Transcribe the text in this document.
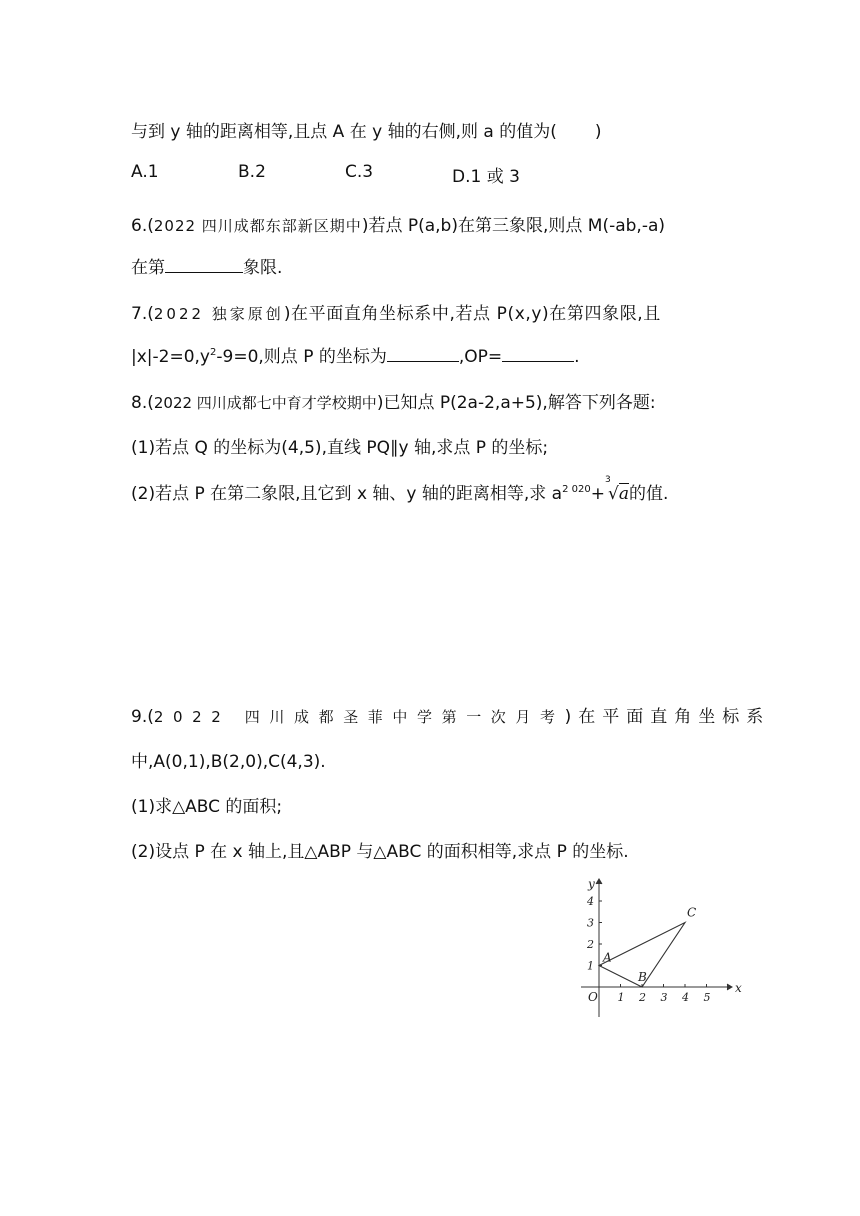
与到 y 轴的距离相等,且点 A 在 y 轴的右侧,则 a 的值为( )
A.1	B.2	C.3	D.1 或 3
6.(2022 四川成都东部新区期中)若点 P(a,b)在第三象限,则点 M(-ab,-a)
在第	象限.
7.(2022 独家原创)在平面直角坐标系中,若点 P(x,y)在第四象限,且
$|x|-2=0,y^2-9=0$,则点 P 的坐标为	,OP=	.
8.(2022 四川成都七中育才学校期中)已知点 P(2a-2,a+5),解答下列各题:
(1)若点 Q 的坐标为(4,5),直线 PQ∥y 轴,求点 P 的坐标;
(2)若点 P 在第二象限,且它到 x 轴、y 轴的距离相等,求 $a^{2 020}+$
3
√a的值.
9.(2022 四川成都圣菲中学第一次月考)在平面直角坐标系
中,A(0,1),B(2,0),C(4,3).
(1)求△ABC 的面积;
(2)设点 P 在 x 轴上,且△ABP 与△ABC 的面积相等,求点 P 的坐标.
x
y
O 1 2 3 4 5
1
2
3
4
A
B
C
